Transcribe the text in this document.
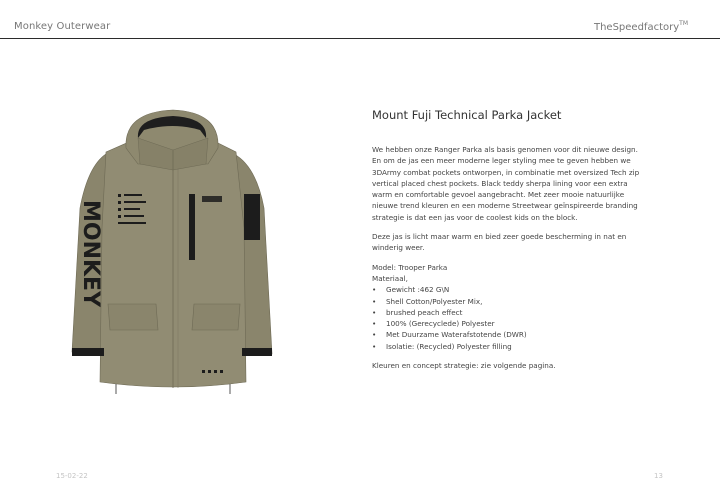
Monkey Outerwear	TheSpeedfactory™
MONKEY
Mount Fuji Technical Parka Jacket

We hebben onze Ranger Parka als basis genomen voor dit nieuwe design. En om de jas een meer moderne leger styling mee te geven hebben we 3DArmy combat pockets ontworpen, in combinatie met oversized Tech zip vertical placed chest pockets. Black teddy sherpa lining voor een extra warm en comfortable gevoel aangebracht. Met zeer mooie natuurlijke nieuwe trend kleuren en een moderne Streetwear geïnspireerde branding strategie is dat een jas voor de coolest kids on the block.

Deze jas is licht maar warm en bied zeer goede bescherming in nat en winderig weer.

Model: Trooper Parka
Materiaal,
• Gewicht :462 G\N
• Shell Cotton/Polyester Mix,
• brushed peach effect
• 100% (Gerecyclede) Polyester
• Met Duurzame Waterafstotende (DWR)
• Isolatie: (Recycled) Polyester filling

Kleuren en concept strategie: zie volgende pagina.

15-02-22	13
